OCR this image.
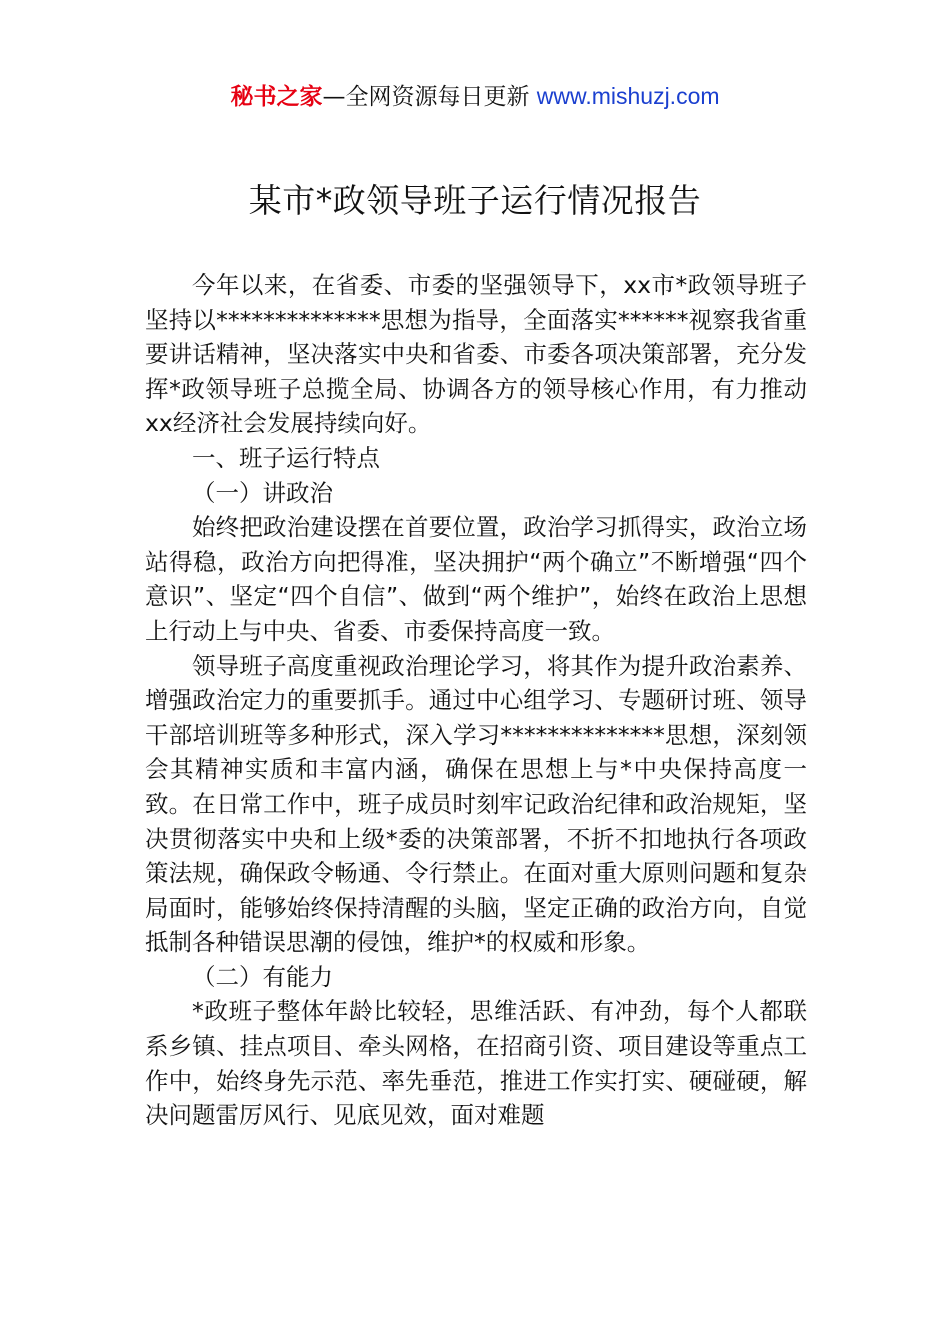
秘书之家—全网资源每日更新 www.mishuzj.com
某市*政领导班子运行情况报告

今年以来，在省委、市委的坚强领导下，xx市*政领导班子坚持以**************思想为指导，全面落实******视察我省重要讲话精神，坚决落实中央和省委、市委各项决策部署，充分发挥*政领导班子总揽全局、协调各方的领导核心作用，有力推动xx经济社会发展持续向好。

一、班子运行特点

（一）讲政治

始终把政治建设摆在首要位置，政治学习抓得实，政治立场站得稳，政治方向把得准，坚决拥护“两个确立”不断增强“四个意识”、坚定“四个自信”、做到“两个维护”，始终在政治上思想上行动上与中央、省委、市委保持高度一致。

领导班子高度重视政治理论学习，将其作为提升政治素养、增强政治定力的重要抓手。通过中心组学习、专题研讨班、领导干部培训班等多种形式，深入学习**************思想，深刻领会其精神实质和丰富内涵，确保在思想上与*中央保持高度一致。在日常工作中，班子成员时刻牢记政治纪律和政治规矩，坚决贯彻落实中央和上级*委的决策部署，不折不扣地执行各项政策法规，确保政令畅通、令行禁止。在面对重大原则问题和复杂局面时，能够始终保持清醒的头脑，坚定正确的政治方向，自觉抵制各种错误思潮的侵蚀，维护*的权威和形象。

（二）有能力

*政班子整体年龄比较轻，思维活跃、有冲劲，每个人都联系乡镇、挂点项目、牵头网格，在招商引资、项目建设等重点工作中，始终身先示范、率先垂范，推进工作实打实、硬碰硬，解决问题雷厉风行、见底见效，面对难题
